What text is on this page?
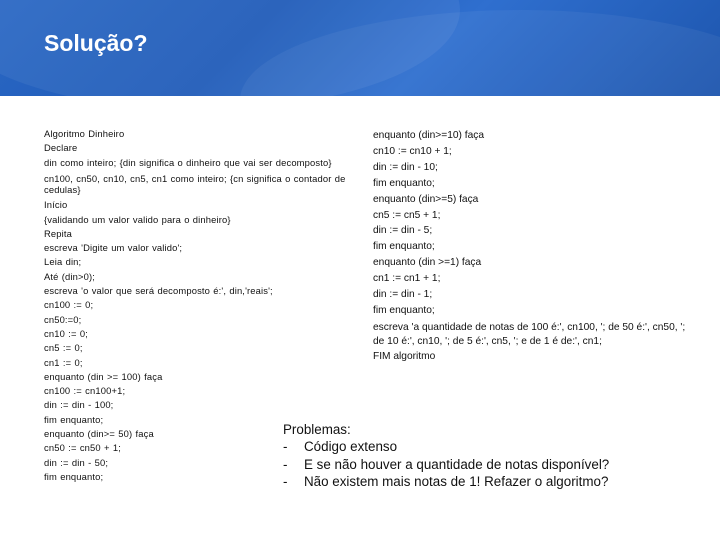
Solução?
Algoritmo Dinheiro
Declare
din como inteiro; {din significa o dinheiro que vai ser decomposto}
cn100, cn50, cn10, cn5, cn1 como inteiro; {cn significa o contador de cedulas}
Início
{validando um valor valido para o dinheiro}
Repita
escreva 'Digite um valor valido';
Leia din;
Até (din>0);
escreva 'o valor que será decomposto é:', din,'reais';
cn100 := 0;
cn50:=0;
cn10 := 0;
cn5 := 0;
cn1 := 0;
enquanto (din >= 100) faça
cn100 := cn100+1;
din := din - 100;
fim enquanto;
enquanto (din>= 50) faça
cn50 := cn50 + 1;
din := din - 50;
fim enquanto;
enquanto (din>=10) faça
cn10 := cn10 + 1;
din := din - 10;
fim enquanto;
enquanto (din>=5) faça
cn5 := cn5 + 1;
din := din - 5;
fim enquanto;
enquanto (din >=1) faça
cn1 := cn1 + 1;
din := din - 1;
fim enquanto;
escreva 'a quantidade de notas de 100 é:', cn100, '; de 50 é:', cn50, '; de 10 é:', cn10, '; de 5 é:', cn5, '; e de 1 é de:', cn1;
FIM algoritmo
Problemas:
-	Código extenso
-	E se não houver a quantidade de notas disponível?
-	Não existem mais notas de 1! Refazer o algoritmo?
